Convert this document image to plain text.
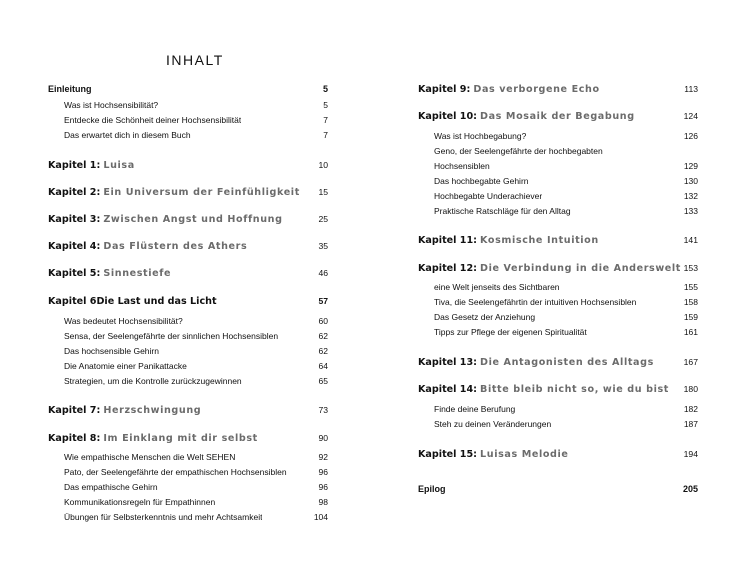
INHALT
Einleitung	5
Was ist Hochsensibilität?	5
Entdecke die Schönheit deiner Hochsensibilität	7
Das erwartet dich in diesem Buch	7
Kapitel 1: Luisa	10
Kapitel 2: Ein Universum der Feinfühligkeit 15
Kapitel 3: Zwischen Angst und Hoffnung	25
Kapitel 4: Das Flüstern des Äthers	35
Kapitel 5: Sinnestiefe	46
Kapitel 6Die Last und das Licht	57
Was bedeutet Hochsensibilität?	60
Sensa, der Seelengefährte der sinnlichen Hochsensiblen	62
Das hochsensible Gehirn	62
Die Anatomie einer Panikattacke	64
Strategien, um die Kontrolle zurückzugewinnen	65
Kapitel 7: Herzschwingung	73
Kapitel 8: Im Einklang mit dir selbst	90
Wie empathische Menschen die Welt SEHEN	92
Pato, der Seelengefährte der empathischen Hochsensiblen	96
Das empathische Gehirn	96
Kommunikationsregeln für Empathinnen	98
Übungen für Selbsterkenntnis und mehr Achtsamkeit	104
Kapitel 9: Das verborgene Echo	113
Kapitel 10: Das Mosaik der Begabung	124
Was ist Hochbegabung?	126
Geno, der Seelengefährte der hochbegabten
Hochsensiblen	129
Das hochbegabte Gehirn	130
Hochbegabte Underachiever	132
Praktische Ratschläge für den Alltag	133
Kapitel 11: Kosmische Intuition	141
Kapitel 12: Die Verbindung in die Anderswelt 153
eine Welt jenseits des Sichtbaren	155
Tiva, die Seelengefährtin der intuitiven Hochsensiblen	158
Das Gesetz der Anziehung	159
Tipps zur Pflege der eigenen Spiritualität	161
Kapitel 13: Die Antagonisten des Alltags	167
Kapitel 14: Bitte bleib nicht so, wie du bist 180
Finde deine Berufung	182
Steh zu deinen Veränderungen	187
Kapitel 15: Luisas Melodie	194
Epilog	205
